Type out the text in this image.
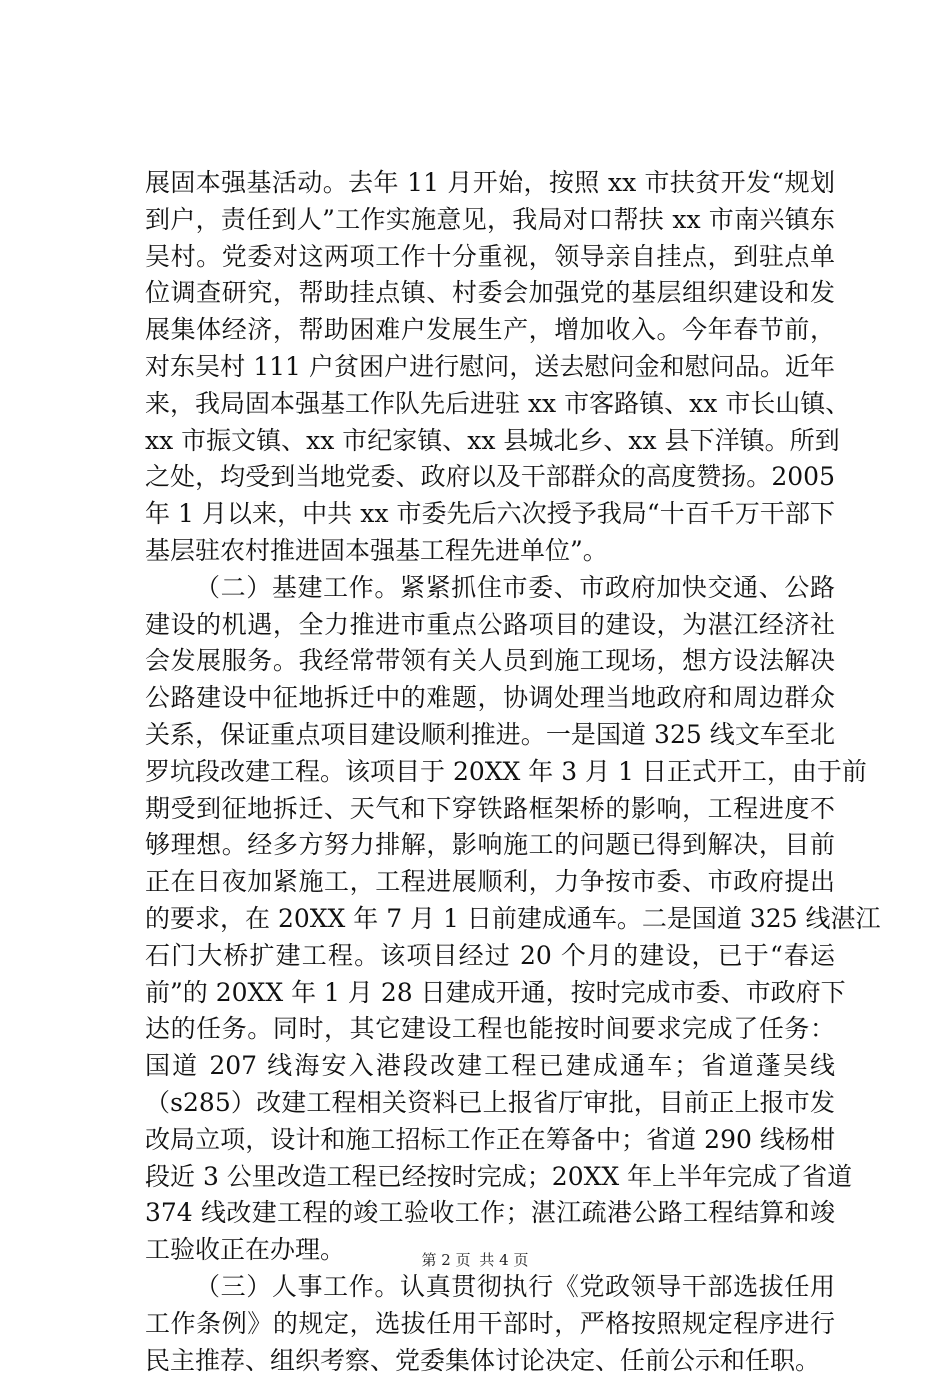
展固本强基活动。去年 11 月开始，按照 xx 市扶贫开发“规划
到户，责任到人”工作实施意见，我局对口帮扶 xx 市南兴镇东
吴村。党委对这两项工作十分重视，领导亲自挂点，到驻点单
位调查研究，帮助挂点镇、村委会加强党的基层组织建设和发
展集体经济，帮助困难户发展生产，增加收入。今年春节前，
对东吴村 111 户贫困户进行慰问，送去慰问金和慰问品。近年
来，我局固本强基工作队先后进驻 xx 市客路镇、xx 市长山镇、
xx 市振文镇、xx 市纪家镇、xx 县城北乡、xx 县下洋镇。所到
之处，均受到当地党委、政府以及干部群众的高度赞扬。2005
年 1 月以来，中共 xx 市委先后六次授予我局“十百千万干部下
基层驻农村推进固本强基工程先进单位”。
（二）基建工作。紧紧抓住市委、市政府加快交通、公路
建设的机遇，全力推进市重点公路项目的建设，为湛江经济社
会发展服务。我经常带领有关人员到施工现场，想方设法解决
公路建设中征地拆迁中的难题，协调处理当地政府和周边群众
关系，保证重点项目建设顺利推进。一是国道 325 线文车至北
罗坑段改建工程。该项目于 20XX 年 3 月 1 日正式开工，由于前
期受到征地拆迁、天气和下穿铁路框架桥的影响，工程进度不
够理想。经多方努力排解，影响施工的问题已得到解决，目前
正在日夜加紧施工，工程进展顺利，力争按市委、市政府提出
的要求，在 20XX 年 7 月 1 日前建成通车。二是国道 325 线湛江
石门大桥扩建工程。该项目经过 20 个月的建设，已于“春运
前”的 20XX 年 1 月 28 日建成开通，按时完成市委、市政府下
达的任务。同时，其它建设工程也能按时间要求完成了任务：
国道 207 线海安入港段改建工程已建成通车；省道蓬吴线
（s285）改建工程相关资料已上报省厅审批，目前正上报市发
改局立项，设计和施工招标工作正在筹备中；省道 290 线杨柑
段近 3 公里改造工程已经按时完成；20XX 年上半年完成了省道
374 线改建工程的竣工验收工作；湛江疏港公路工程结算和竣
工验收正在办理。
（三）人事工作。认真贯彻执行《党政领导干部选拔任用
工作条例》的规定，选拔任用干部时，严格按照规定程序进行
民主推荐、组织考察、党委集体讨论决定、任前公示和任职。
第 2 页 共 4 页
